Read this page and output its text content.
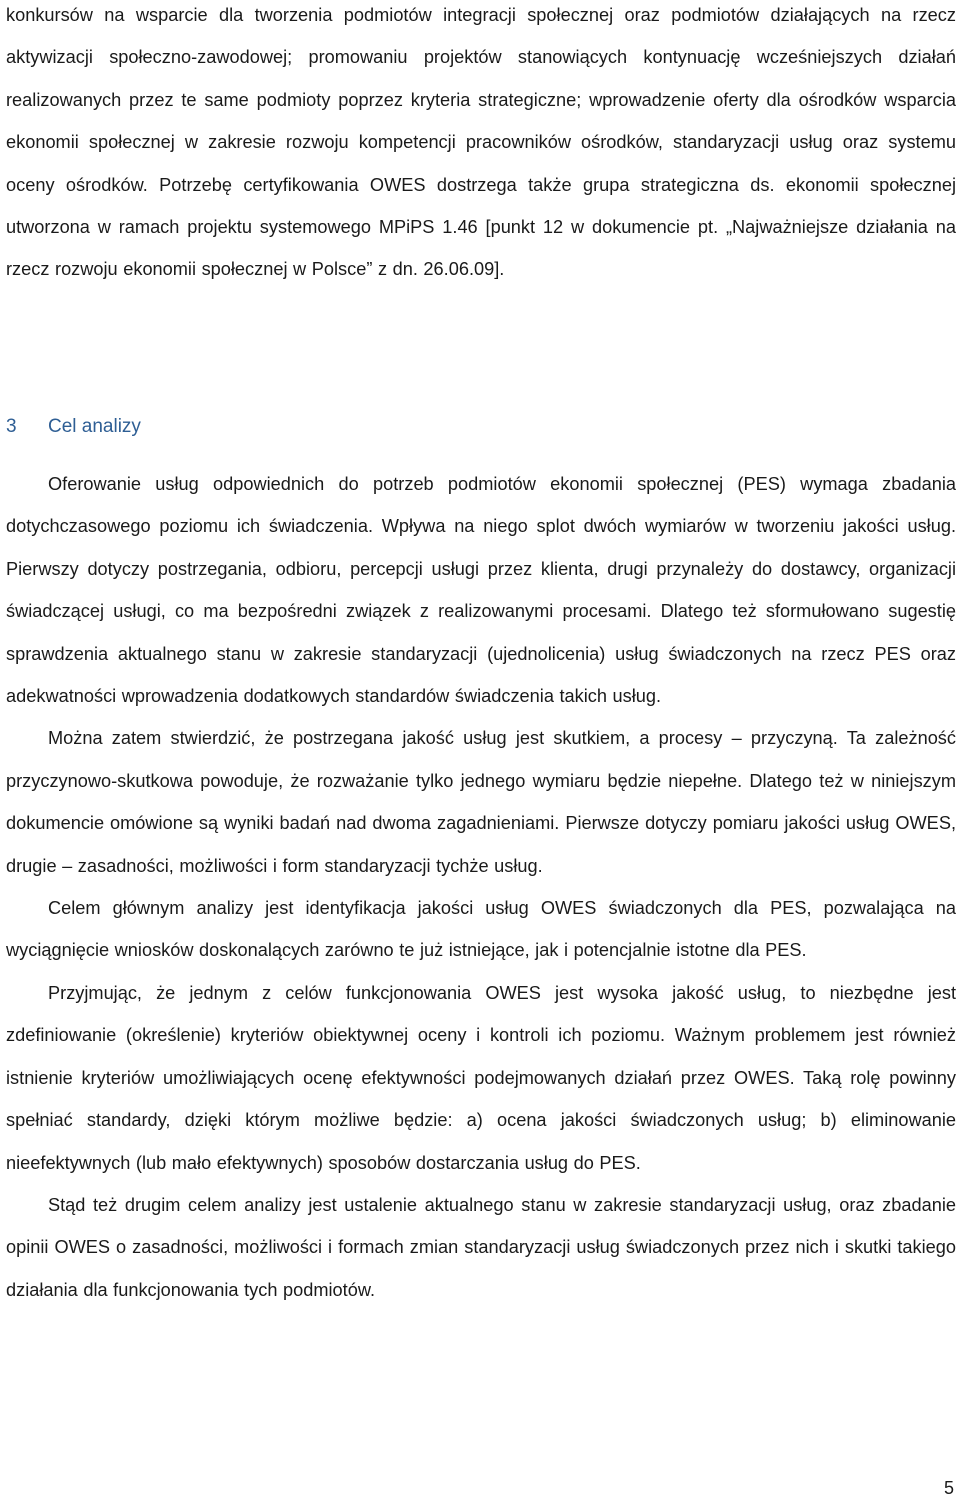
konkursów na wsparcie dla tworzenia podmiotów integracji społecznej oraz podmiotów działających na rzecz aktywizacji społeczno-zawodowej; promowaniu projektów stanowiących kontynuację wcześniejszych działań realizowanych przez te same podmioty poprzez kryteria strategiczne; wprowadzenie oferty dla ośrodków wsparcia ekonomii społecznej w zakresie rozwoju kompetencji pracowników ośrodków, standaryzacji usług oraz systemu oceny ośrodków. Potrzebę certyfikowania OWES dostrzega także grupa strategiczna ds. ekonomii społecznej utworzona w ramach projektu systemowego MPiPS 1.46 [punkt 12 w dokumencie pt. „Najważniejsze działania na rzecz rozwoju ekonomii społecznej w Polsce” z dn. 26.06.09].

3 Cel analizy

Oferowanie usług odpowiednich do potrzeb podmiotów ekonomii społecznej (PES) wymaga zbadania dotychczasowego poziomu ich świadczenia. Wpływa na niego splot dwóch wymiarów w tworzeniu jakości usług. Pierwszy dotyczy postrzegania, odbioru, percepcji usługi przez klienta, drugi przynależy do dostawcy, organizacji świadczącej usługi, co ma bezpośredni związek z realizowanymi procesami. Dlatego też sformułowano sugestię sprawdzenia aktualnego stanu w zakresie standaryzacji (ujednolicenia) usług świadczonych na rzecz PES oraz adekwatności wprowadzenia dodatkowych standardów świadczenia takich usług.

Można zatem stwierdzić, że postrzegana jakość usług jest skutkiem, a procesy – przyczyną. Ta zależność przyczynowo-skutkowa powoduje, że rozważanie tylko jednego wymiaru będzie niepełne. Dlatego też w niniejszym dokumencie omówione są wyniki badań nad dwoma zagadnieniami. Pierwsze dotyczy pomiaru jakości usług OWES, drugie – zasadności, możliwości i form standaryzacji tychże usług.

Celem głównym analizy jest identyfikacja jakości usług OWES świadczonych dla PES, pozwalająca na wyciągnięcie wniosków doskonalących zarówno te już istniejące, jak i potencjalnie istotne dla PES.

Przyjmując, że jednym z celów funkcjonowania OWES jest wysoka jakość usług, to niezbędne jest zdefiniowanie (określenie) kryteriów obiektywnej oceny i kontroli ich poziomu. Ważnym problemem jest również istnienie kryteriów umożliwiających ocenę efektywności podejmowanych działań przez OWES. Taką rolę powinny spełniać standardy, dzięki którym możliwe będzie: a) ocena jakości świadczonych usług; b) eliminowanie nieefektywnych (lub mało efektywnych) sposobów dostarczania usług do PES.

Stąd też drugim celem analizy jest ustalenie aktualnego stanu w zakresie standaryzacji usług, oraz zbadanie opinii OWES o zasadności, możliwości i formach zmian standaryzacji usług świadczonych przez nich i skutki takiego działania dla funkcjonowania tych podmiotów.

5
